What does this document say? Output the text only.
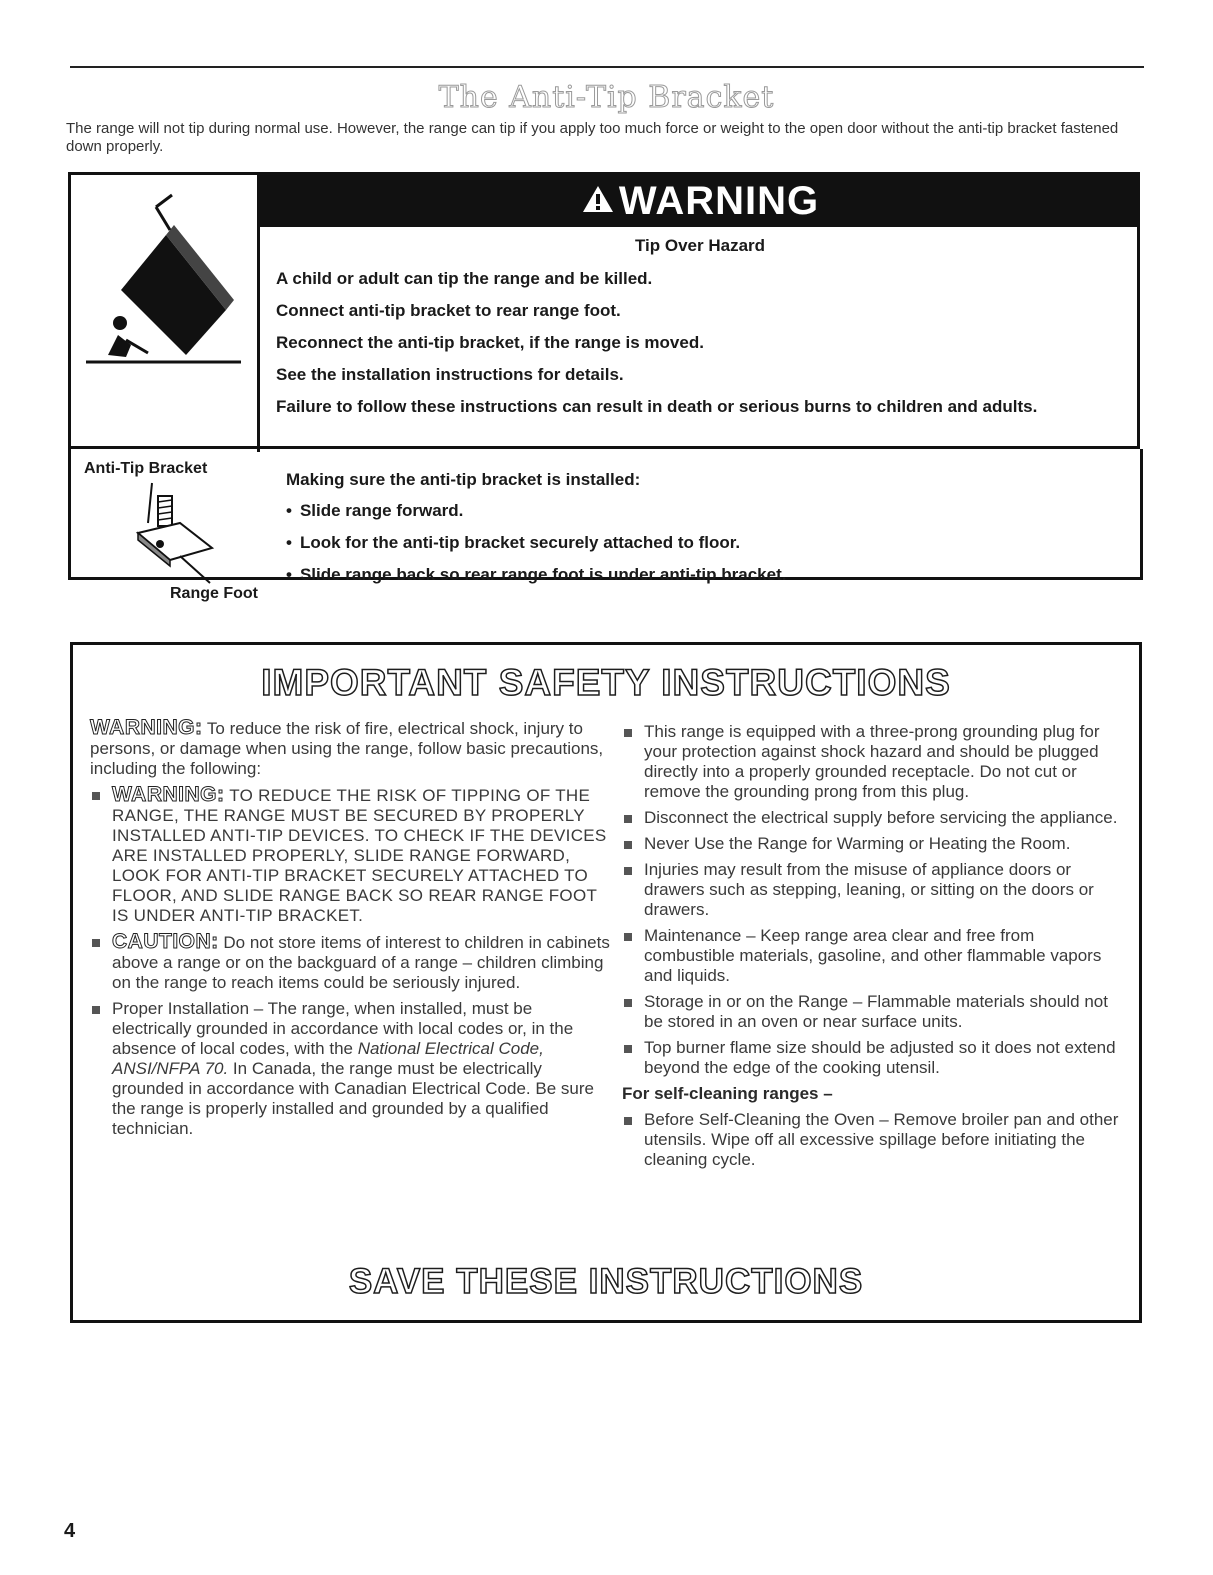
The Anti-Tip Bracket
The range will not tip during normal use. However, the range can tip if you apply too much force or weight to the open door without the anti-tip bracket fastened down properly.
WARNING
Tip Over Hazard

A child or adult can tip the range and be killed.

Connect anti-tip bracket to rear range foot.

Reconnect the anti-tip bracket, if the range is moved.

See the installation instructions for details.

Failure to follow these instructions can result in death or serious burns to children and adults.

Anti-Tip Bracket
Range Foot
Making sure the anti-tip bracket is installed:
• Slide range forward.
• Look for the anti-tip bracket securely attached to floor.
• Slide range back so rear range foot is under anti-tip bracket.
IMPORTANT SAFETY INSTRUCTIONS

WARNING: To reduce the risk of fire, electrical shock, injury to persons, or damage when using the range, follow basic precautions, including the following:

WARNING: TO REDUCE THE RISK OF TIPPING OF THE RANGE, THE RANGE MUST BE SECURED BY PROPERLY INSTALLED ANTI-TIP DEVICES. TO CHECK IF THE DEVICES ARE INSTALLED PROPERLY, SLIDE RANGE FORWARD, LOOK FOR ANTI-TIP BRACKET SECURELY ATTACHED TO FLOOR, AND SLIDE RANGE BACK SO REAR RANGE FOOT IS UNDER ANTI-TIP BRACKET.

CAUTION: Do not store items of interest to children in cabinets above a range or on the backguard of a range – children climbing on the range to reach items could be seriously injured.

Proper Installation – The range, when installed, must be electrically grounded in accordance with local codes or, in the absence of local codes, with the National Electrical Code, ANSI/NFPA 70. In Canada, the range must be electrically grounded in accordance with Canadian Electrical Code. Be sure the range is properly installed and grounded by a qualified technician.

This range is equipped with a three-prong grounding plug for your protection against shock hazard and should be plugged directly into a properly grounded receptacle. Do not cut or remove the grounding prong from this plug.

Disconnect the electrical supply before servicing the appliance.

Never Use the Range for Warming or Heating the Room.

Injuries may result from the misuse of appliance doors or drawers such as stepping, leaning, or sitting on the doors or drawers.

Maintenance – Keep range area clear and free from combustible materials, gasoline, and other flammable vapors and liquids.

Storage in or on the Range – Flammable materials should not be stored in an oven or near surface units.

Top burner flame size should be adjusted so it does not extend beyond the edge of the cooking utensil.

For self-cleaning ranges –

Before Self-Cleaning the Oven – Remove broiler pan and other utensils. Wipe off all excessive spillage before initiating the cleaning cycle.

SAVE THESE INSTRUCTIONS
4
